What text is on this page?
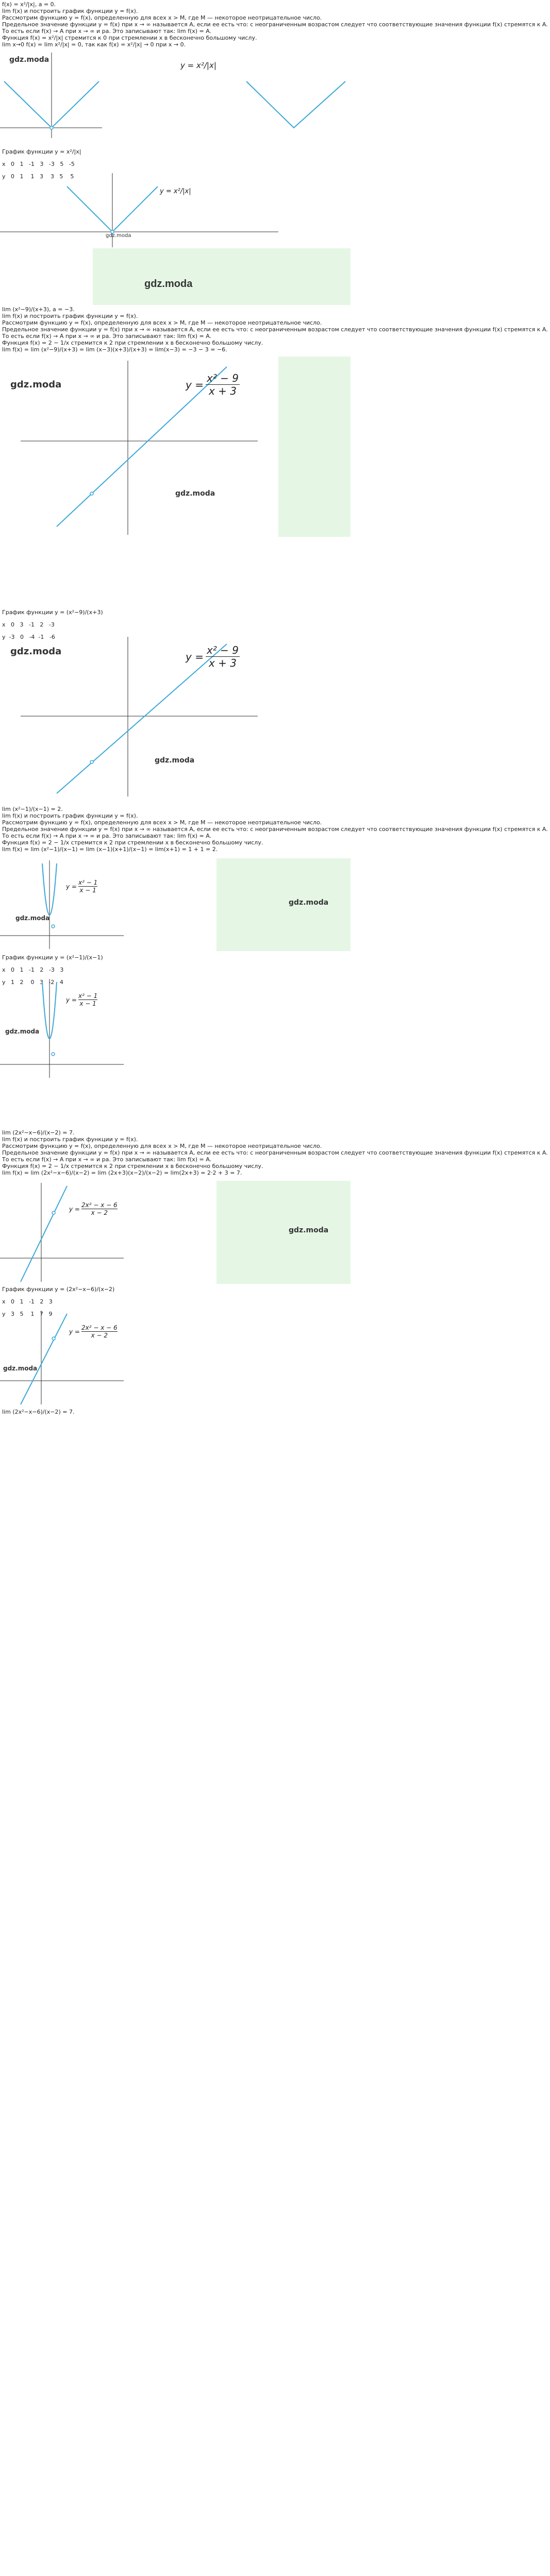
f(x) = x²/|x|, a = 0.

lim f(x) и построить график функции y = f(x).

Рассмотрим функцию y = f(x), определенную для всех x > M, где M — некоторое неотрицательное число.

Предельное значение функции y = f(x) при x → ∞ называется A, если ее есть что: с неограниченным возрастом следует что соответствующие значения функции f(x) стремятся к A.

То есть если f(x) → A при x → ∞ и pa. Это записывают так: lim f(x) = A.

Функция f(x) = x²/|x| стремится к 0 при стремлении x в бесконечно большому числу.

lim x→0 f(x) = lim x²/|x| = 0, так как f(x) = x²/|x| → 0 при x → 0.

gdz.moda
y = x²/|x|

График функции y = x²/|x|

x   0   1   -1   3   -3   5   -5

y   0   1    1   3    3   5    5

gdz.moda
y = x²/|x|
gdz.moda

lim (x²−9)/(x+3), a = −3.

lim f(x) и построить график функции y = f(x).

Рассмотрим функцию y = f(x), определенную для всех x > M, где M — некоторое неотрицательное число.

Предельное значение функции y = f(x) при x → ∞ называется A, если ее есть что: с неограниченным возрастом следует что соответствующие значения функции f(x) стремятся к A.

То есть если f(x) → A при x → ∞ и pa. Это записывают так: lim f(x) = A.

Функция f(x) = 2 − 1/x стремится к 2 при стремлении x в бесконечно большому числу.

lim f(x) = lim (x²−9)/(x+3) = lim (x−3)(x+3)/(x+3) = lim(x−3) = −3 − 3 = −6.

gdz.moda
gdz.moda
$y = \frac{\text{x² − 9}}{x + 3}$

График функции y = (x²−9)/(x+3)

x   0   3   -1   2   -3

y  -3   0   -4  -1   -6

gdz.moda
gdz.moda
$y = \frac{\text{x² − 9}}{x + 3}$

lim (x²−1)/(x−1) = 2.

lim f(x) и построить график функции y = f(x).

Рассмотрим функцию y = f(x), определенную для всех x > M, где M — некоторое неотрицательное число.

Предельное значение функции y = f(x) при x → ∞ называется A, если ее есть что: с неограниченным возрастом следует что соответствующие значения функции f(x) стремятся к A.

То есть если f(x) → A при x → ∞ и pa. Это записывают так: lim f(x) = A.

Функция f(x) = 2 − 1/x стремится к 2 при стремлении x в бесконечно большому числу.

lim f(x) = lim (x²−1)/(x−1) = lim (x−1)(x+1)/(x−1) = lim(x+1) = 1 + 1 = 2.

gdz.moda
gdz.moda
$y = \frac{\text{x² − 1}}{x - 1}$

График функции y = (x²−1)/(x−1)

x   0   1   -1   2   -3   3

y   1   2    0   3   -2   4

gdz.moda
$y = \frac{\text{x² − 1}}{x - 1}$

lim (2x²−x−6)/(x−2) = 7.

lim f(x) и построить график функции y = f(x).

Рассмотрим функцию y = f(x), определенную для всех x > M, где M — некоторое неотрицательное число.

Предельное значение функции y = f(x) при x → ∞ называется A, если ее есть что: с неограниченным возрастом следует что соответствующие значения функции f(x) стремятся к A.

То есть если f(x) → A при x → ∞ и pa. Это записывают так: lim f(x) = A.

Функция f(x) = 2 − 1/x стремится к 2 при стремлении x в бесконечно большому числу.

lim f(x) = lim (2x²−x−6)/(x−2) = lim (2x+3)(x−2)/(x−2) = lim(2x+3) = 2·2 + 3 = 7.

gdz.moda
$y = \frac{\text{2x² − x − 6}}{x - 2}$

График функции y = (2x²−x−6)/(x−2)

x   0   1   -1   2   3

y   3   5    1   7   9

gdz.moda
$y = \frac{\text{2x² − x − 6}}{x - 2}$

lim (2x²−x−6)/(x−2) = 7.
